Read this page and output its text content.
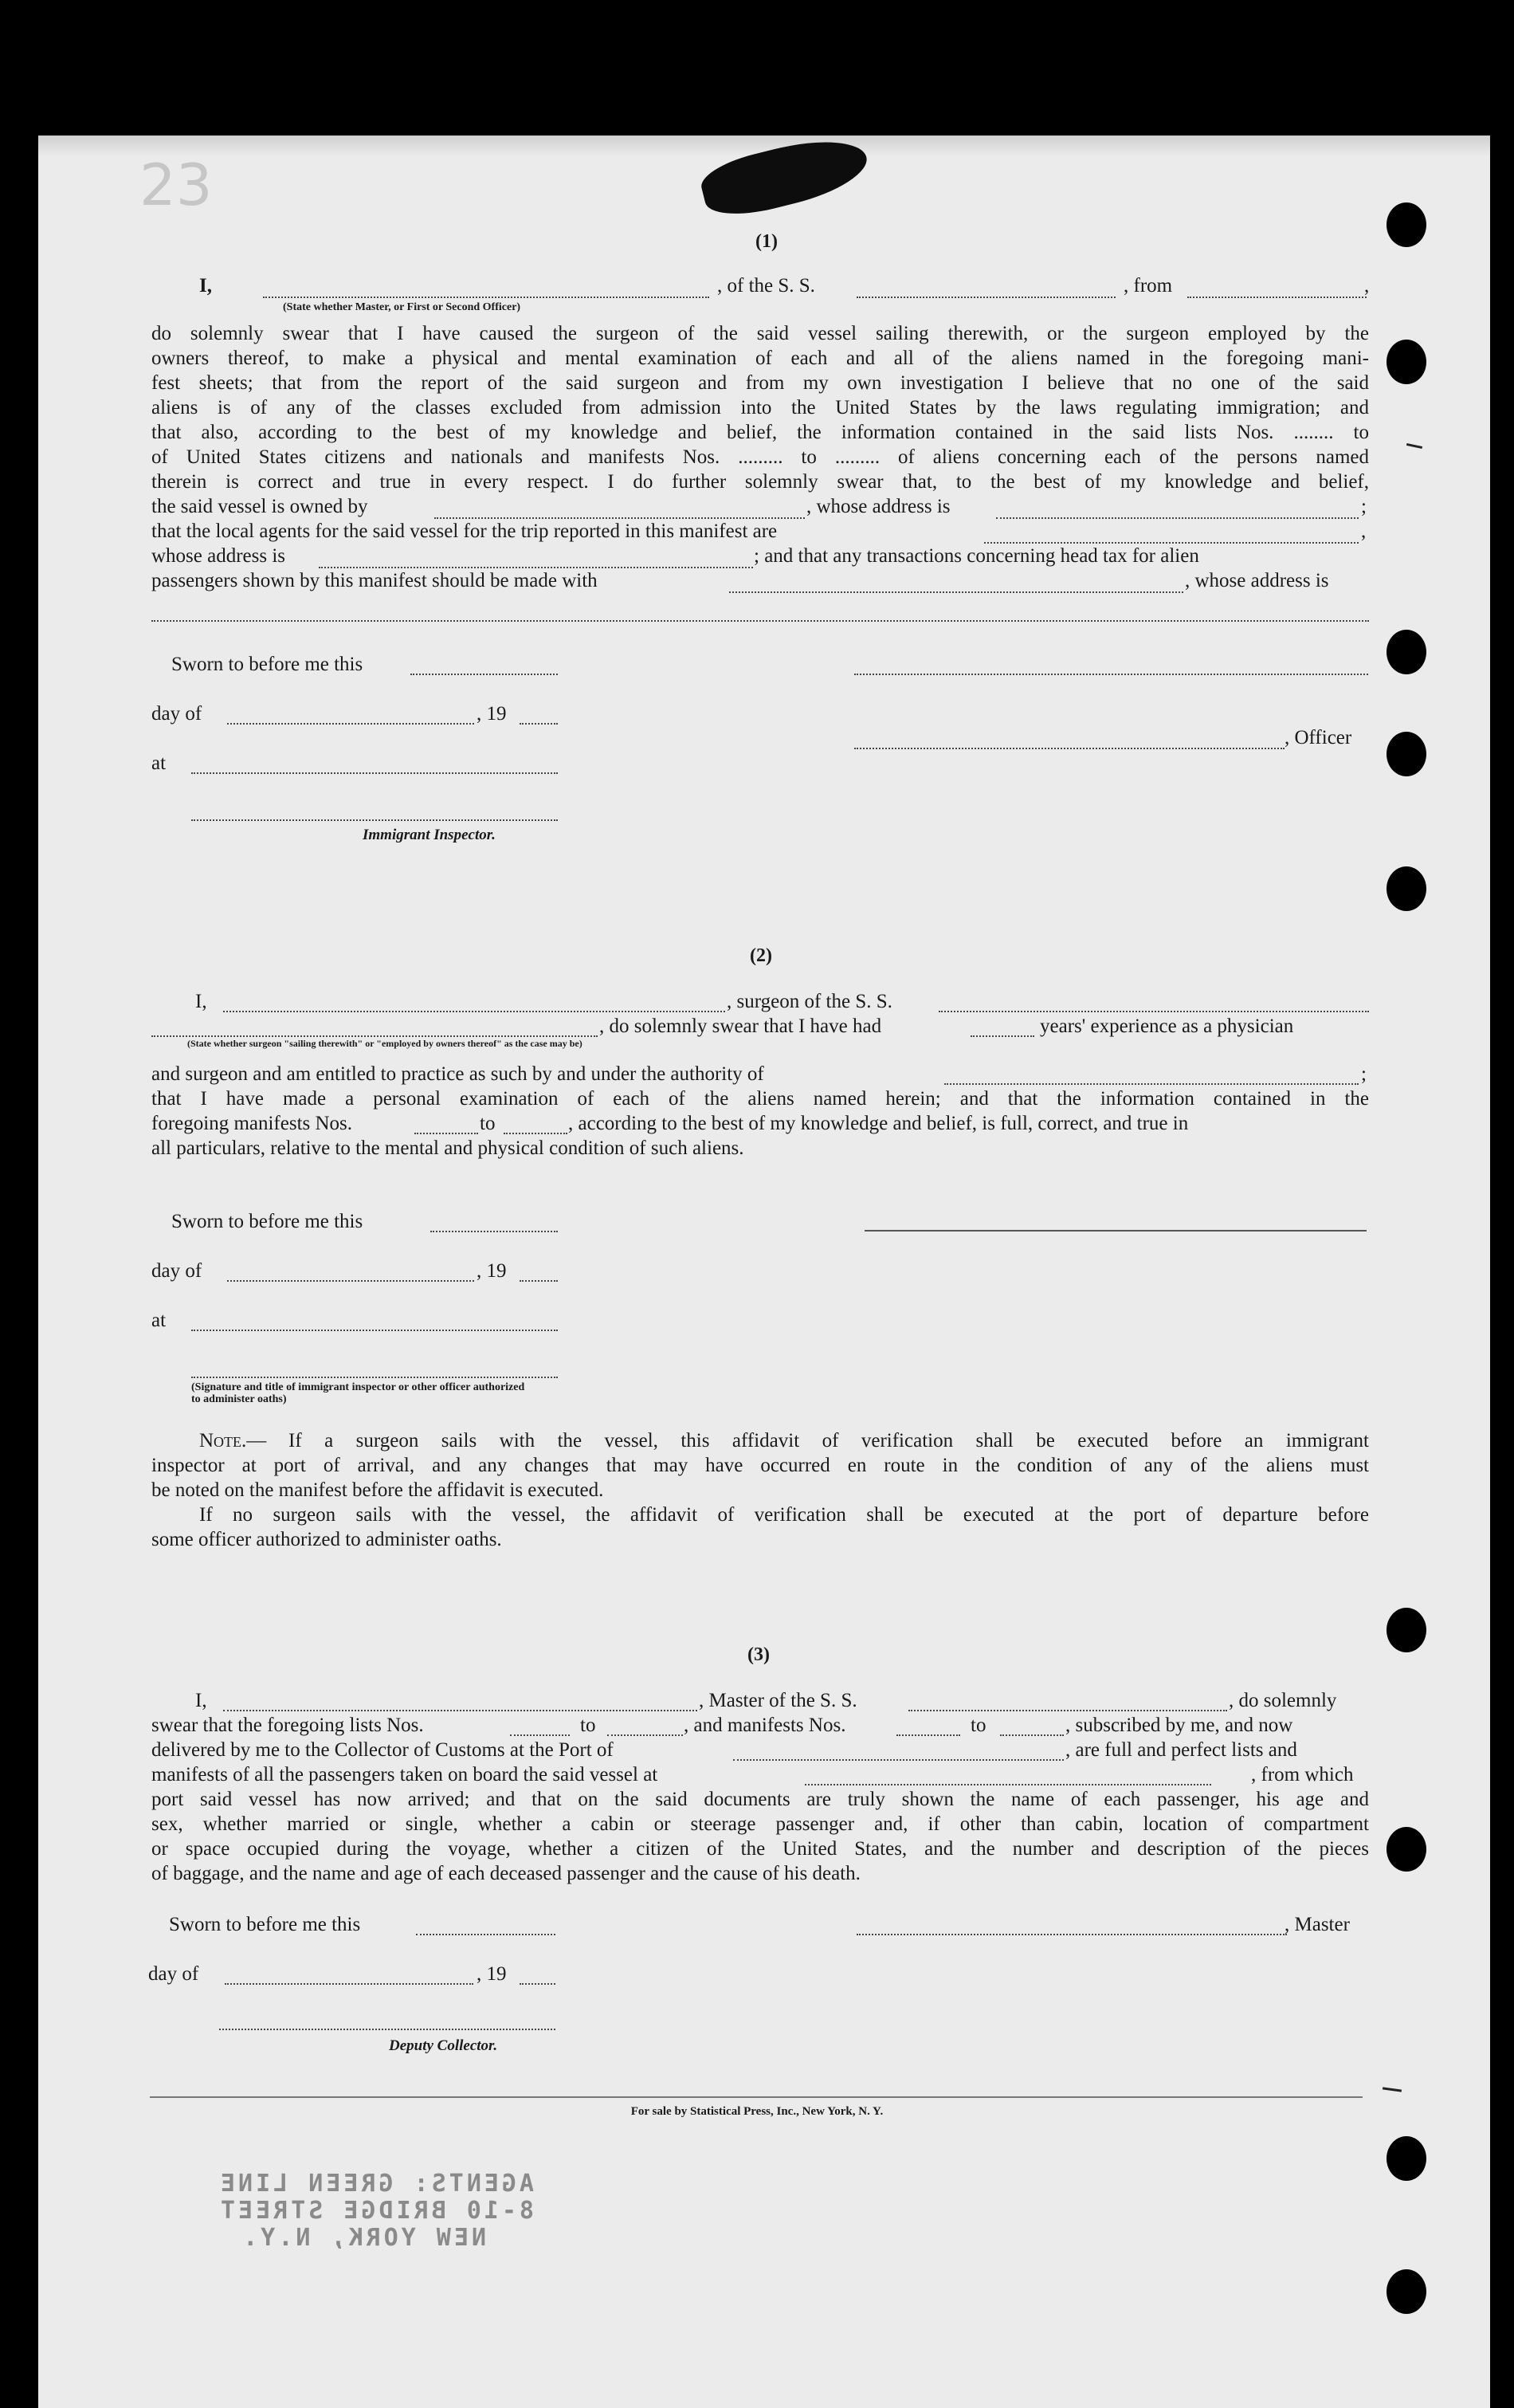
23
(1)
I,	, of the S. S.	, from	,
(State whether Master, or First or Second Officer)
do solemnly swear that I have caused the surgeon of the said vessel sailing therewith, or the surgeon employed by the
owners thereof, to make a physical and mental examination of each and all of the aliens named in the foregoing mani-
fest sheets; that from the report of the said surgeon and from my own investigation I believe that no one of the said
aliens is of any of the classes excluded from admission into the United States by the laws regulating immigration; and
that also, according to the best of my knowledge and belief, the information contained in the said lists Nos. ........ to
of United States citizens and nationals and manifests Nos. ......... to ......... of aliens concerning each of the persons named
therein is correct and true in every respect. I do further solemnly swear that, to the best of my knowledge and belief,
the said vessel is owned by	, whose address is	;
that the local agents for the said vessel for the trip reported in this manifest are	,
whose address is	; and that any transactions concerning head tax for alien
passengers shown by this manifest should be made with	, whose address is
Sworn to before me this
day of	, 19
, Officer
at
Immigrant Inspector.
(2)
I,	, surgeon of the S. S.
, do solemnly swear that I have had	years' experience as a physician
(State whether surgeon "sailing therewith" or "employed by owners thereof" as the case may be)
and surgeon and am entitled to practice as such by and under the authority of	;
that I have made a personal examination of each of the aliens named herein; and that the information contained in the
foregoing manifests Nos.	to	, according to the best of my knowledge and belief, is full, correct, and true in
all particulars, relative to the mental and physical condition of such aliens.
Sworn to before me this
day of	, 19
at
(Signature and title of immigrant inspector or other officer authorized to administer oaths)
Note.— If a surgeon sails with the vessel, this affidavit of verification shall be executed before an immigrant
inspector at port of arrival, and any changes that may have occurred en route in the condition of any of the aliens must
be noted on the manifest before the affidavit is executed.
If no surgeon sails with the vessel, the affidavit of verification shall be executed at the port of departure before
some officer authorized to administer oaths.
(3)
I,	, Master of the S. S.	, do solemnly
swear that the foregoing lists Nos.	to	, and manifests Nos.	to	, subscribed by me, and now
delivered by me to the Collector of Customs at the Port of	, are full and perfect lists and
manifests of all the passengers taken on board the said vessel at	, from which
port said vessel has now arrived; and that on the said documents are truly shown the name of each passenger, his age and
sex, whether married or single, whether a cabin or steerage passenger and, if other than cabin, location of compartment
or space occupied during the voyage, whether a citizen of the United States, and the number and description of the pieces
of baggage, and the name and age of each deceased passenger and the cause of his death.
Sworn to before me this	, Master
day of	, 19
Deputy Collector.
For sale by Statistical Press, Inc., New York, N. Y.
AGENTS: GREEN LINE
8-10 BRIDGE STREET
NEW YORK, N.Y.
